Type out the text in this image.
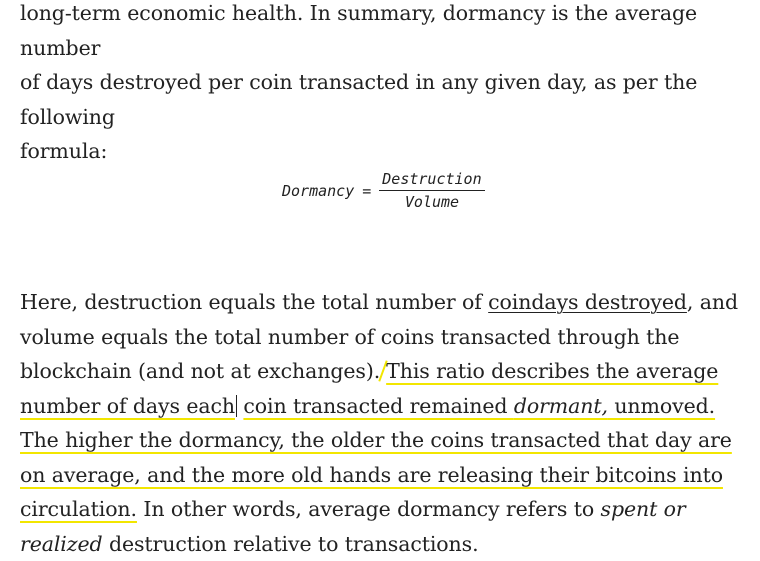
long-term economic health. In summary, dormancy is the average number
of days destroyed per coin transacted in any given day, as per the following
formula:

Dormancy = $\frac{\text{Destruction}}{\text{Volume}}$

Here, destruction equals the total number of coindays destroyed, and volume equals the total number of coins transacted through the blockchain (and not at exchanges). This ratio describes the average number of days each coin transacted remained dormant, unmoved. The higher the dormancy, the older the coins transacted that day are on average, and the more old hands are releasing their bitcoins into circulation. In other words, average dormancy refers to spent or realized destruction relative to transactions.
